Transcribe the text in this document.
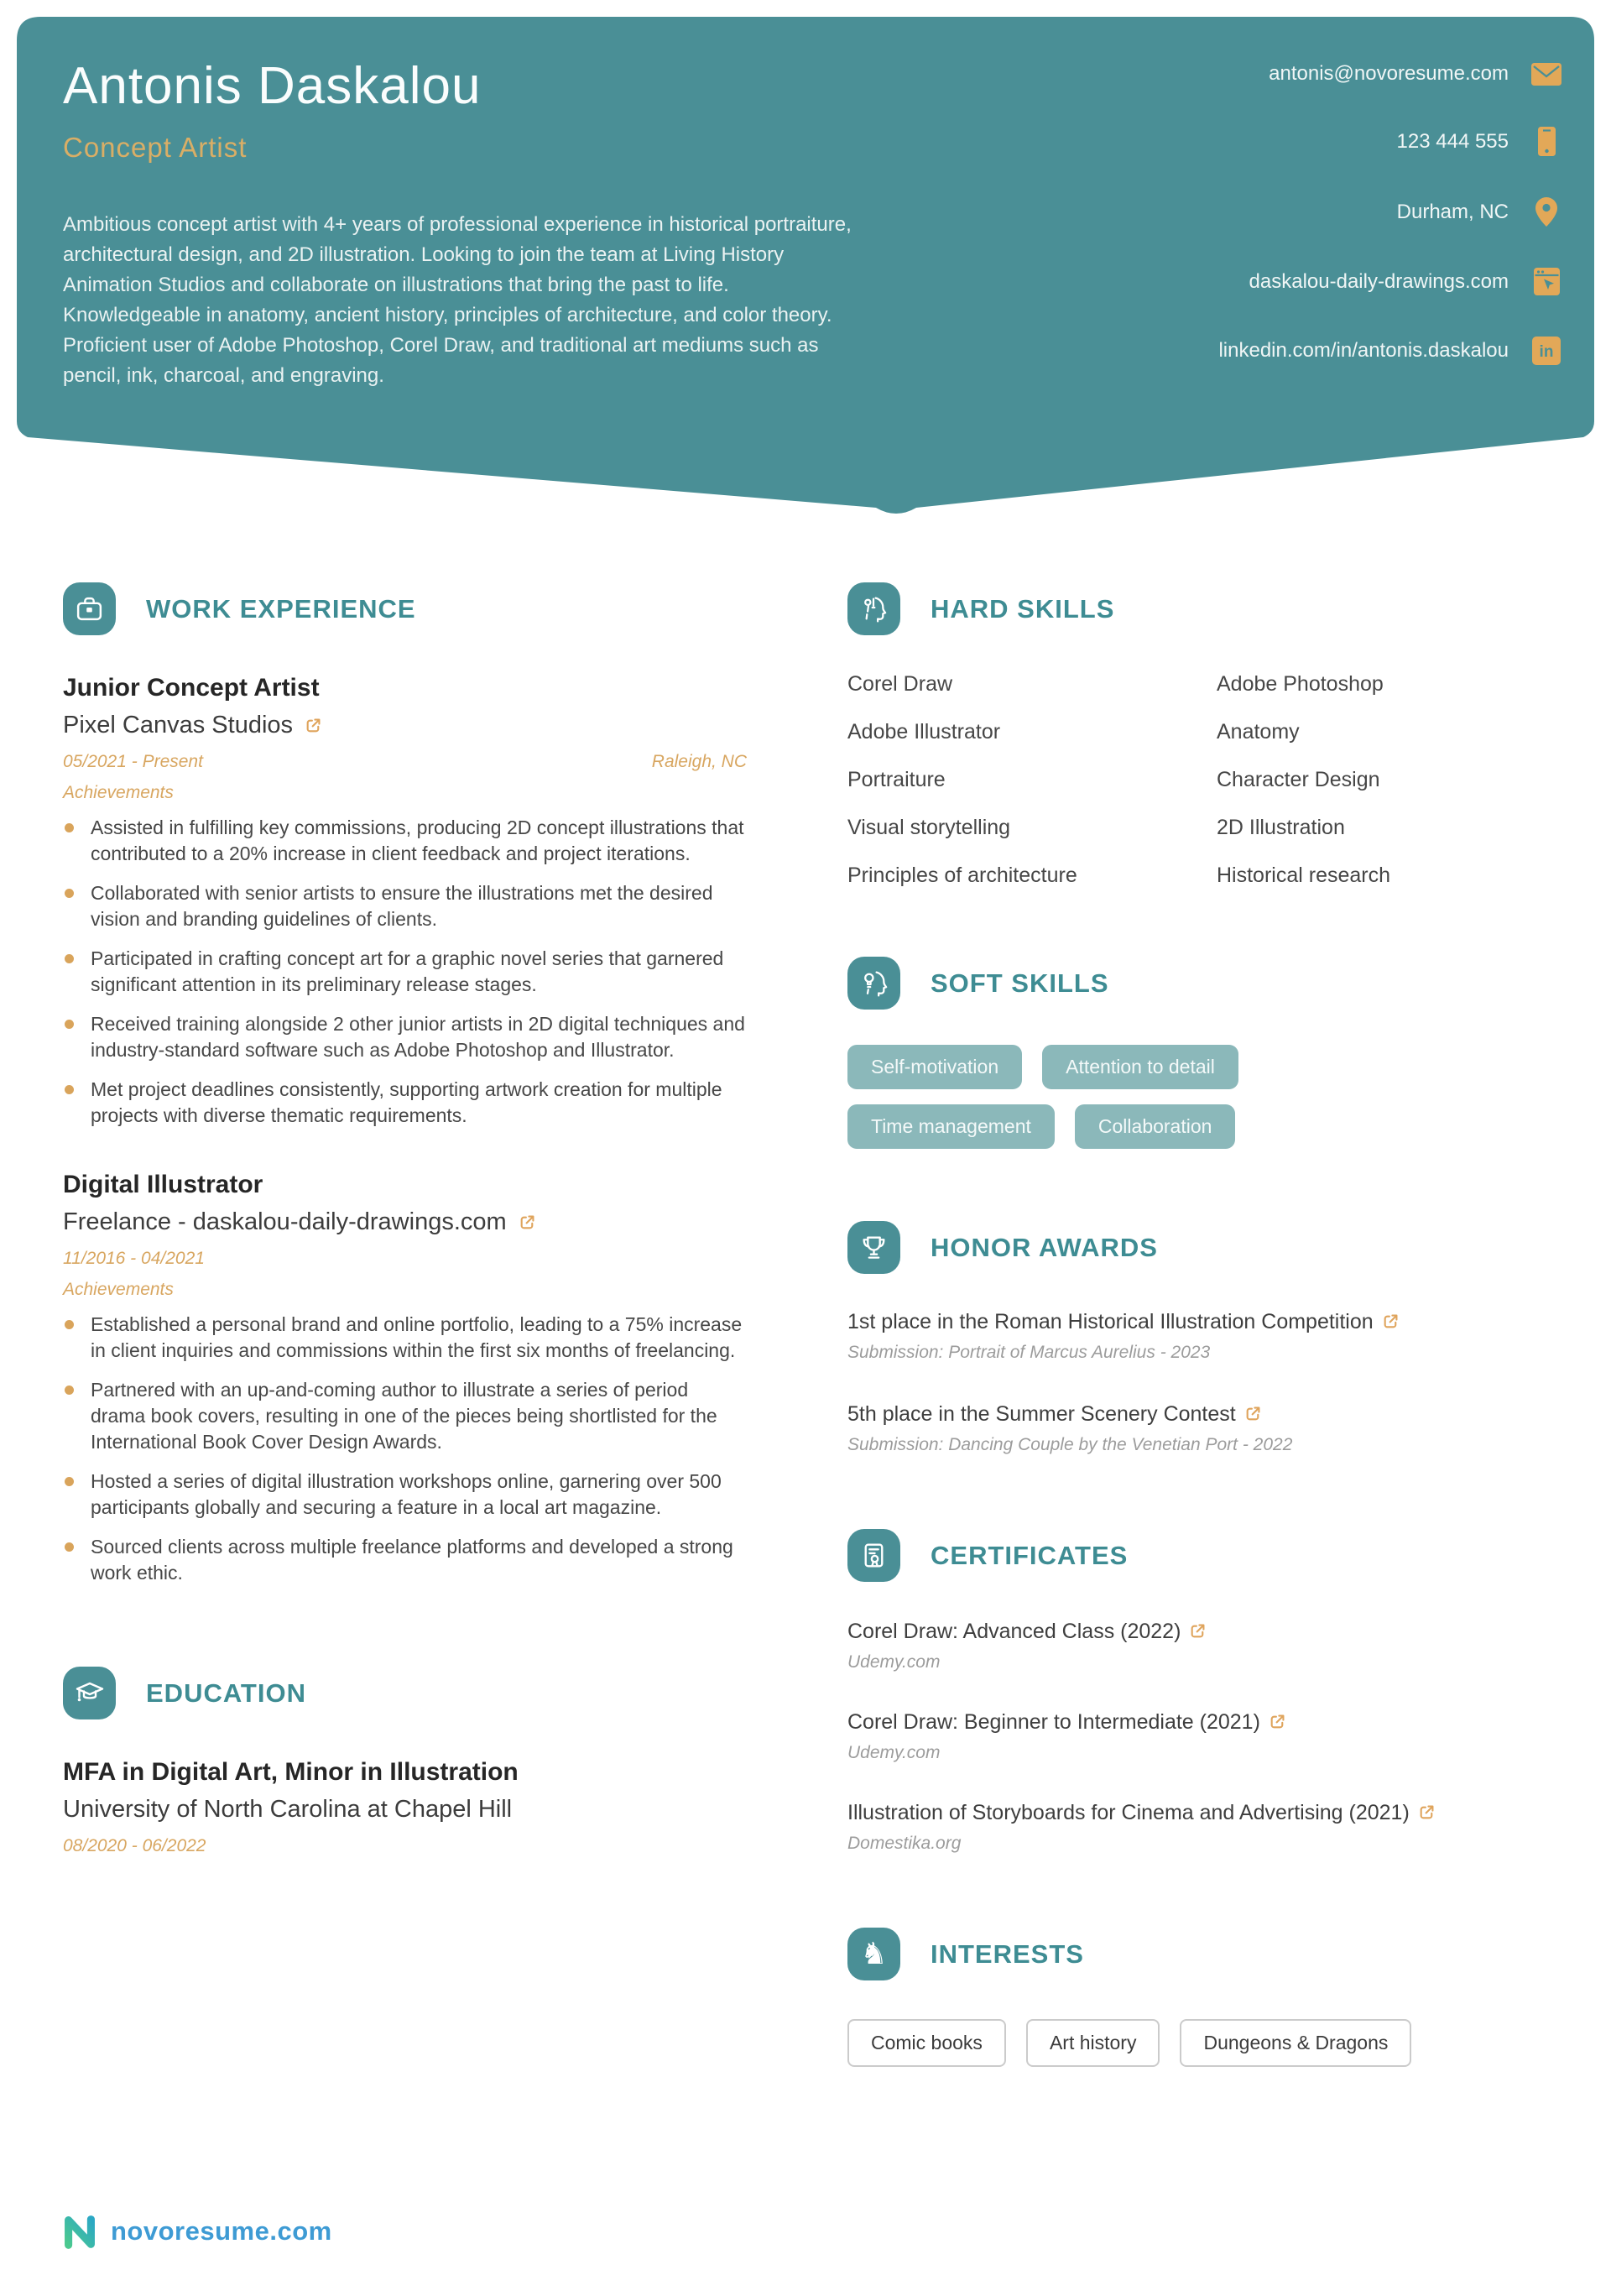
Antonis Daskalou
Concept Artist
Ambitious concept artist with 4+ years of professional experience in historical portraiture, architectural design, and 2D illustration. Looking to join the team at Living History Animation Studios and collaborate on illustrations that bring the past to life. Knowledgeable in anatomy, ancient history, principles of architecture, and color theory. Proficient user of Adobe Photoshop, Corel Draw, and traditional art mediums such as pencil, ink, charcoal, and engraving.
antonis@novoresume.com
123 444 555
Durham, NC
daskalou-daily-drawings.com
linkedin.com/in/antonis.daskalou in
WORK EXPERIENCE
Junior Concept Artist
Pixel Canvas Studios
05/2021 - Present	Raleigh, NC
Achievements
Assisted in fulfilling key commissions, producing 2D concept illustrations that contributed to a 20% increase in client feedback and project iterations.
Collaborated with senior artists to ensure the illustrations met the desired vision and branding guidelines of clients.
Participated in crafting concept art for a graphic novel series that garnered significant attention in its preliminary release stages.
Received training alongside 2 other junior artists in 2D digital techniques and industry-standard software such as Adobe Photoshop and Illustrator.
Met project deadlines consistently, supporting artwork creation for multiple projects with diverse thematic requirements.
Digital Illustrator
Freelance - daskalou-daily-drawings.com
11/2016 - 04/2021
Achievements
Established a personal brand and online portfolio, leading to a 75% increase in client inquiries and commissions within the first six months of freelancing.
Partnered with an up-and-coming author to illustrate a series of period drama book covers, resulting in one of the pieces being shortlisted for the International Book Cover Design Awards.
Hosted a series of digital illustration workshops online, garnering over 500 participants globally and securing a feature in a local art magazine.
Sourced clients across multiple freelance platforms and developed a strong work ethic.
EDUCATION
MFA in Digital Art, Minor in Illustration
University of North Carolina at Chapel Hill
08/2020 - 06/2022
HARD SKILLS
Corel Draw	Adobe Photoshop
Adobe Illustrator	Anatomy
Portraiture	Character Design
Visual storytelling	2D Illustration
Principles of architecture	Historical research
SOFT SKILLS
Self-motivation	Attention to detail
Time management	Collaboration
HONOR AWARDS
1st place in the Roman Historical Illustration Competition
Submission: Portrait of Marcus Aurelius - 2023
5th place in the Summer Scenery Contest
Submission: Dancing Couple by the Venetian Port - 2022
CERTIFICATES
Corel Draw: Advanced Class (2022)
Udemy.com
Corel Draw: Beginner to Intermediate (2021)
Udemy.com
Illustration of Storyboards for Cinema and Advertising (2021)
Domestika.org
♞ INTERESTS
Comic books	Art history	Dungeons & Dragons
novoresume.com
